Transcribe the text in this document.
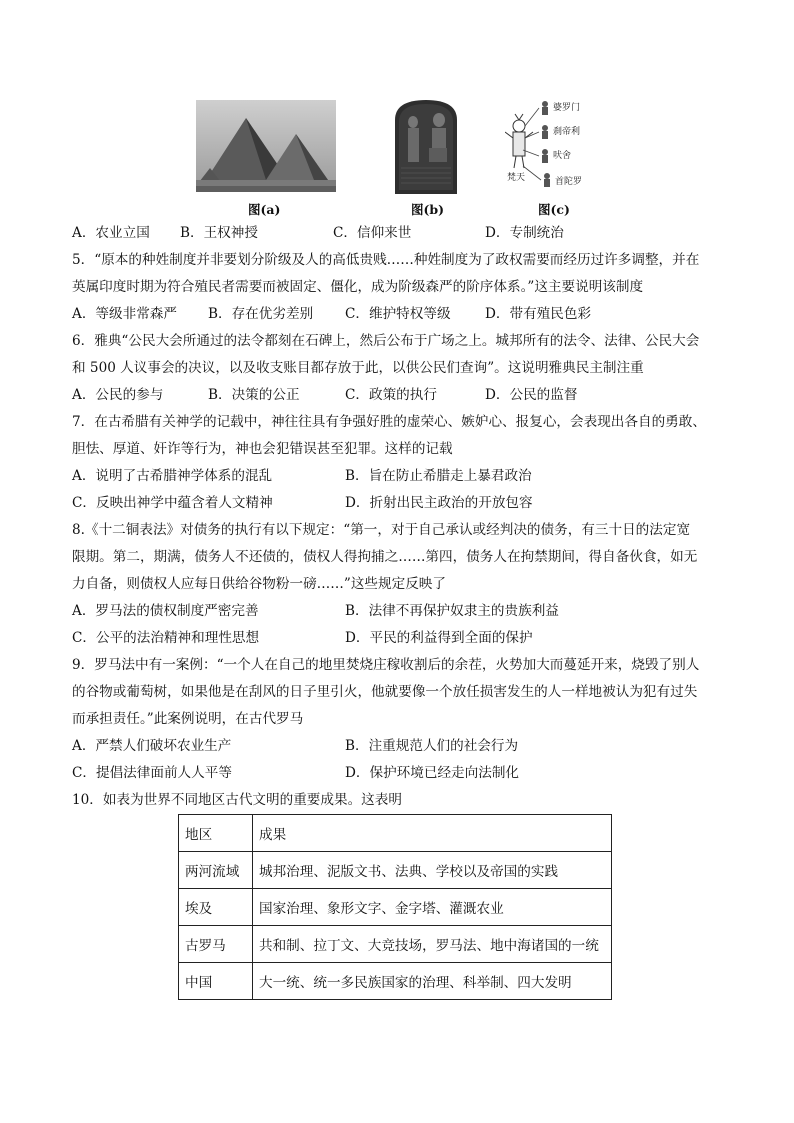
图(a)	图(b)
婆罗门
刹帝利
吠舍
首陀罗
梵天
图(c)
A．农业立国 B．王权神授	C．信仰来世	D．专制统治
5．“原本的种姓制度并非要划分阶级及人的高低贵贱……种姓制度为了政权需要而经历过许多调整，并在
英属印度时期为符合殖民者需要而被固定、僵化，成为阶级森严的阶序体系。”这主要说明该制度
A．等级非常森严 B．存在优劣差别 C．维护特权等级	D．带有殖民色彩
6．雅典“公民大会所通过的法令都刻在石碑上，然后公布于广场之上。城邦所有的法令、法律、公民大会
和 500 人议事会的决议，以及收支账目都存放于此，以供公民们查询”。这说明雅典民主制注重
A．公民的参与	B．决策的公正	C．政策的执行	D．公民的监督
7．在古希腊有关神学的记载中，神往往具有争强好胜的虚荣心、嫉妒心、报复心，会表现出各自的勇敢、
胆怯、厚道、奸诈等行为，神也会犯错误甚至犯罪。这样的记载
A．说明了古希腊神学体系的混乱	B．旨在防止希腊走上暴君政治
C．反映出神学中蕴含着人文精神	D．折射出民主政治的开放包容
8.《十二铜表法》对债务的执行有以下规定：“第一，对于自己承认或经判决的债务，有三十日的法定宽
限期。第二，期满，债务人不还债的，债权人得拘捕之……第四，债务人在拘禁期间，得自备伙食，如无
力自备，则债权人应每日供给谷物粉一磅……”这些规定反映了
A．罗马法的债权制度严密完善	B．法律不再保护奴隶主的贵族利益
C．公平的法治精神和理性思想	D．平民的利益得到全面的保护
9．罗马法中有一案例：“一个人在自己的地里焚烧庄稼收割后的余茬，火势加大而蔓延开来，烧毁了别人
的谷物或葡萄树，如果他是在刮风的日子里引火，他就要像一个放任损害发生的人一样地被认为犯有过失
而承担责任。”此案例说明，在古代罗马
A．严禁人们破坏农业生产	B．注重规范人们的社会行为
C．提倡法律面前人人平等	D．保护环境已经走向法制化
10．如表为世界不同地区古代文明的重要成果。这表明
地区	成果
两河流域	城邦治理、泥版文书、法典、学校以及帝国的实践
埃及	国家治理、象形文字、金字塔、灌溉农业
古罗马	共和制、拉丁文、大竞技场，罗马法、地中海诸国的一统
中国	大一统、统一多民族国家的治理、科举制、四大发明
